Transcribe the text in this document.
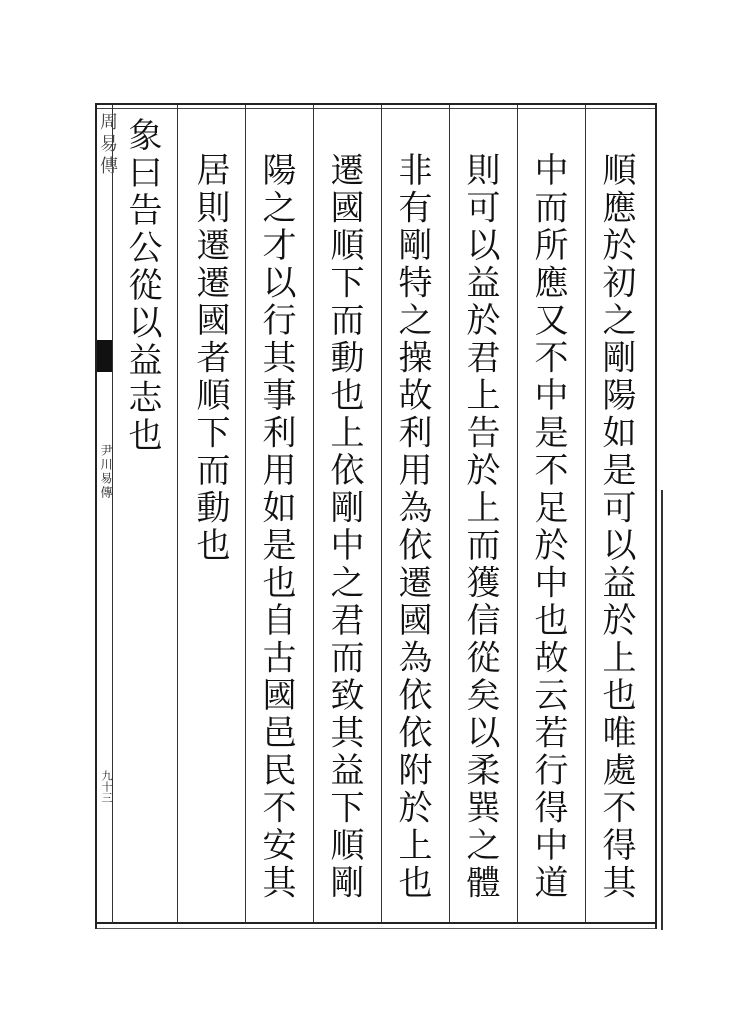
周易傳
尹川易傳
九十三	順應於初之剛陽如是可以益於上也唯處不得其
中而所應又不中是不足於中也故云若行得中道
則可以益於君上告於上而獲信從矣以柔巽之體
非有剛特之操故利用為依遷國為依依附於上也
遷國順下而動也上依剛中之君而致其益下順剛
陽之才以行其事利用如是也自古國邑民不安其
居則遷遷國者順下而動也
象曰告公從以益志也
